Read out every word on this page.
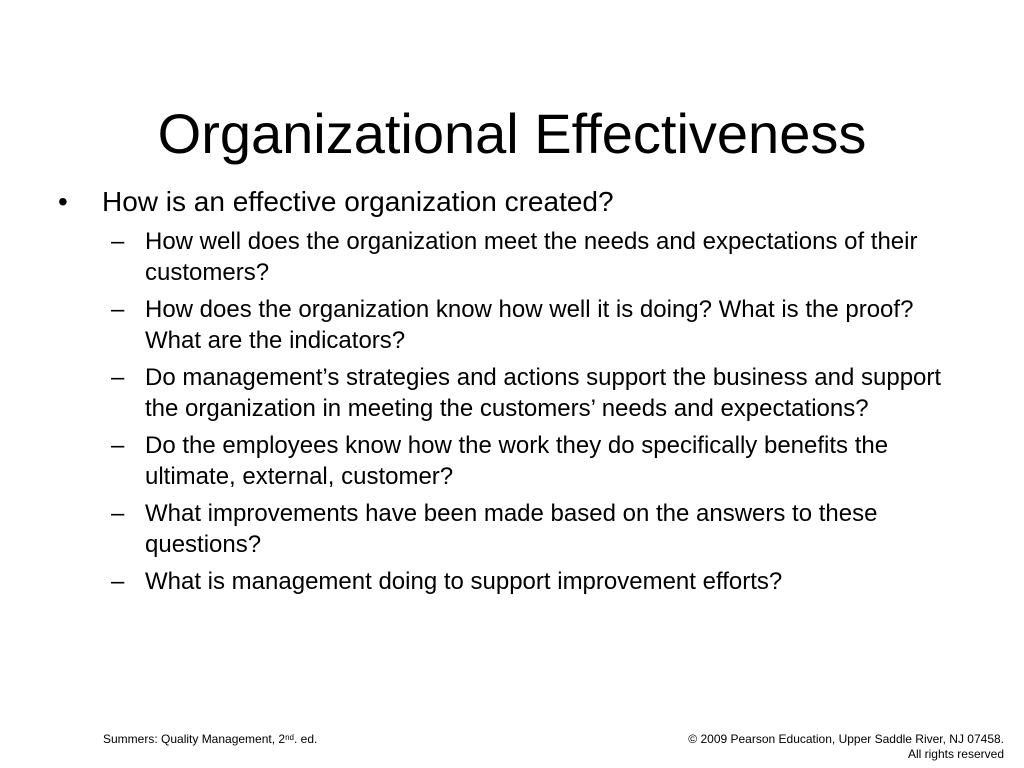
Organizational Effectiveness
• How is an effective organization created?
– How well does the organization meet the needs and expectations of their customers?
– How does the organization know how well it is doing? What is the proof? What are the indicators?
– Do management’s strategies and actions support the business and support the organization in meeting the customers’ needs and expectations?
– Do the employees know how the work they do specifically benefits the ultimate, external, customer?
– What improvements have been made based on the answers to these questions?
– What is management doing to support improvement efforts?
Summers: Quality Management, 2nd. ed.	© 2009 Pearson Education, Upper Saddle River, NJ 07458.
All rights reserved
